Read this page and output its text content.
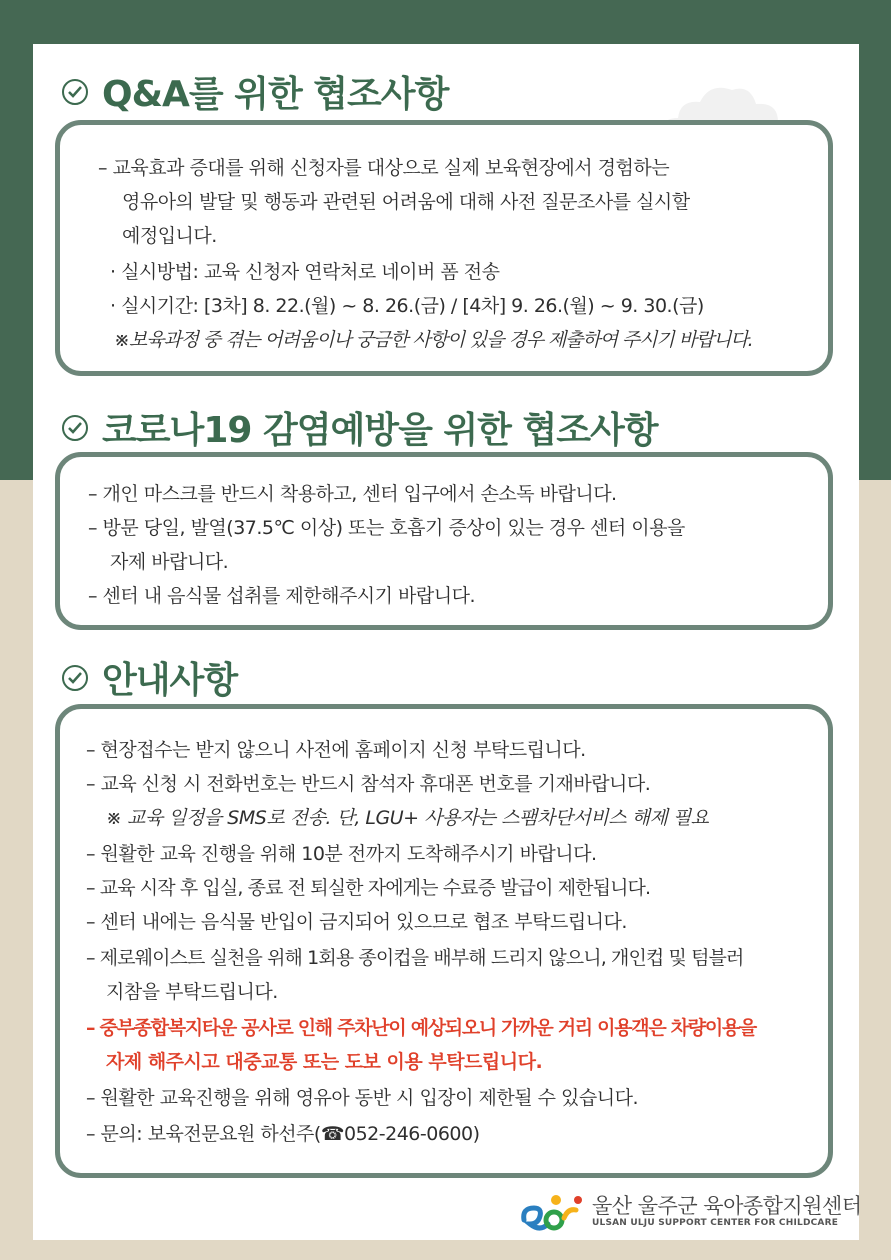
Q&A를 위한 협조사항
– 교육효과 증대를 위해 신청자를 대상으로 실제 보육현장에서 경험하는
영유아의 발달 및 행동과 관련된 어려움에 대해 사전 질문조사를 실시할
예정입니다.
· 실시방법: 교육 신청자 연락처로 네이버 폼 전송
· 실시기간: [3차] 8. 22.(월) ~ 8. 26.(금) / [4차] 9. 26.(월) ~ 9. 30.(금)
※보육과정 중 겪는 어려움이나 궁금한 사항이 있을 경우 제출하여 주시기 바랍니다.
코로나19 감염예방을 위한 협조사항
– 개인 마스크를 반드시 착용하고, 센터 입구에서 손소독 바랍니다.
– 방문 당일, 발열(37.5℃ 이상) 또는 호흡기 증상이 있는 경우 센터 이용을
자제 바랍니다.
– 센터 내 음식물 섭취를 제한해주시기 바랍니다.
안내사항
– 현장접수는 받지 않으니 사전에 홈페이지 신청 부탁드립니다.
– 교육 신청 시 전화번호는 반드시 참석자 휴대폰 번호를 기재바랍니다.
※ 교육 일정을 SMS로 전송. 단, LGU+ 사용자는 스팸차단서비스 해제 필요
– 원활한 교육 진행을 위해 10분 전까지 도착해주시기 바랍니다.
– 교육 시작 후 입실, 종료 전 퇴실한 자에게는 수료증 발급이 제한됩니다.
– 센터 내에는 음식물 반입이 금지되어 있으므로 협조 부탁드립니다.
– 제로웨이스트 실천을 위해 1회용 종이컵을 배부해 드리지 않으니, 개인컵 및 텀블러
지참을 부탁드립니다.
– 중부종합복지타운 공사로 인해 주차난이 예상되오니 가까운 거리 이용객은 차량이용을
자제 해주시고 대중교통 또는 도보 이용 부탁드립니다.
– 원활한 교육진행을 위해 영유아 동반 시 입장이 제한될 수 있습니다.
– 문의: 보육전문요원 하선주(☎052-246-0600)
울산 울주군 육아종합지원센터
ULSAN ULJU SUPPORT CENTER FOR CHILDCARE
